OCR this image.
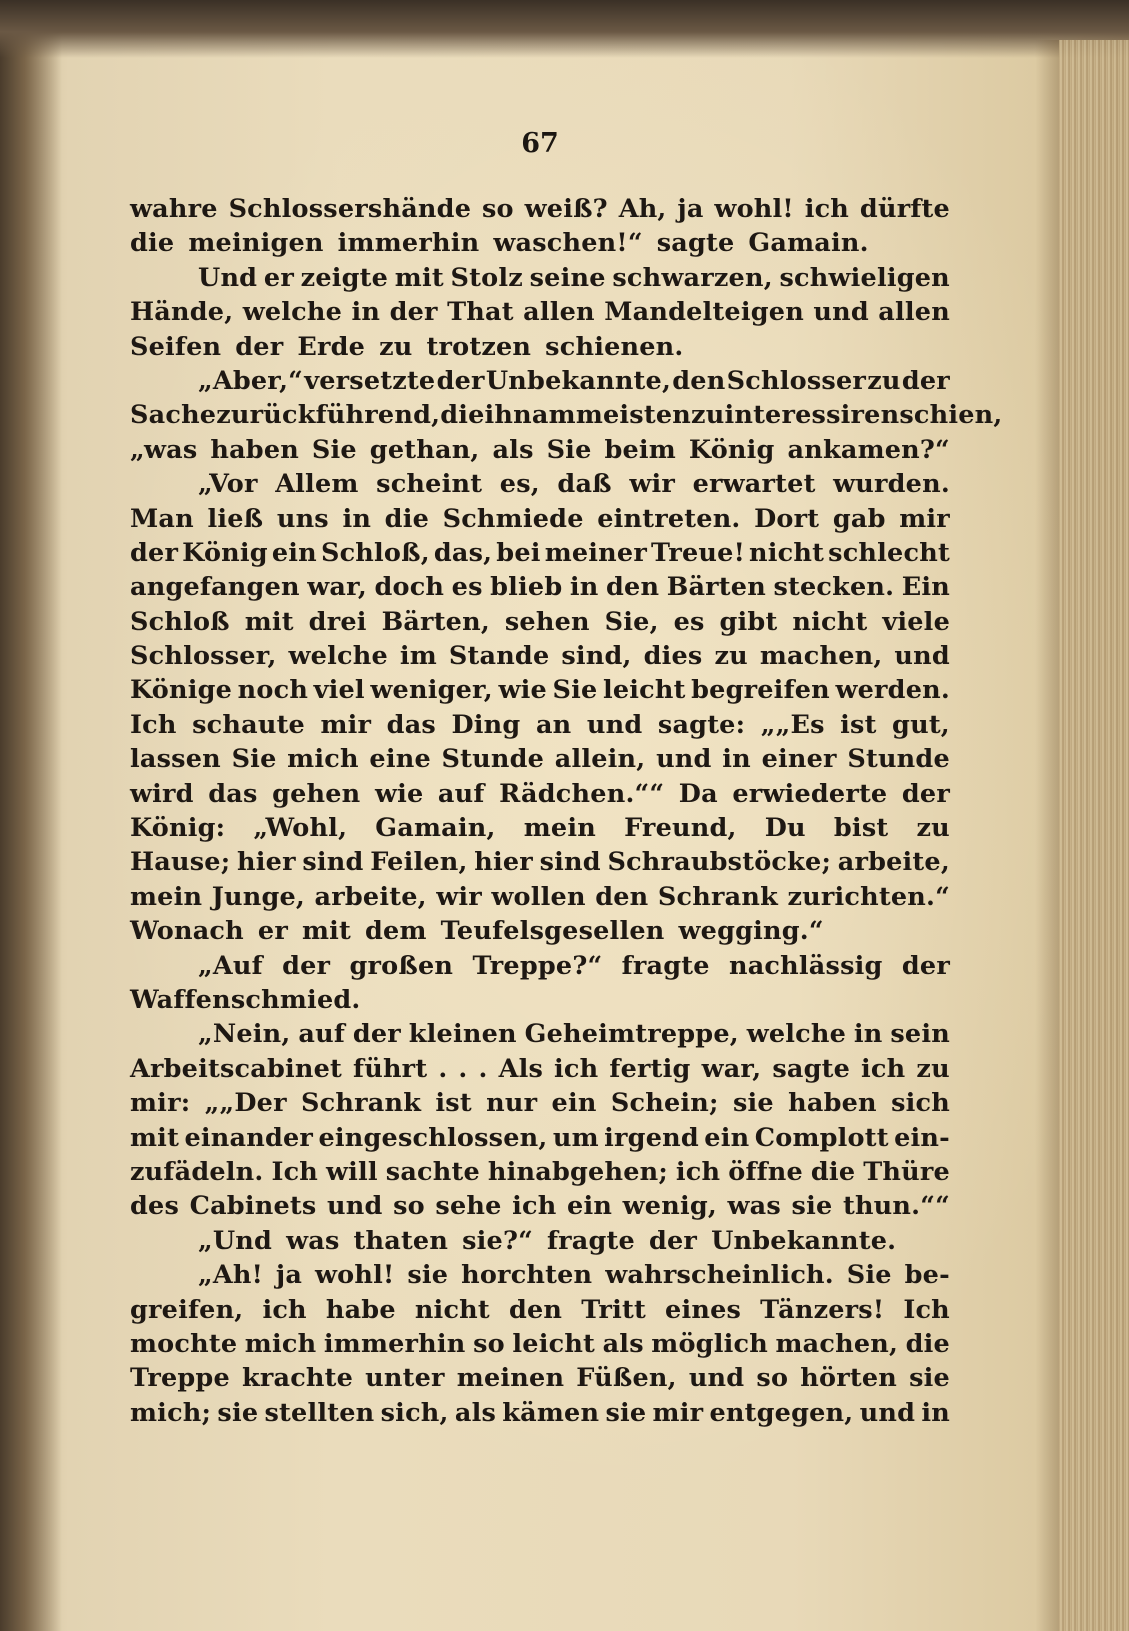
67
wahre Schlossershände so weiß? Ah, ja wohl! ich dürfte
die meinigen immerhin waschen!“ sagte Gamain.
Und er zeigte mit Stolz seine schwarzen, schwieligen
Hände, welche in der That allen Mandelteigen und allen
Seifen der Erde zu trotzen schienen.
„Aber,“ versetzte der Unbekannte, den Schlosser zu der
Sache zurückführend, die ihn am meisten zu interessiren schien,
„was haben Sie gethan, als Sie beim König ankamen?“
„Vor Allem scheint es, daß wir erwartet wurden.
Man ließ uns in die Schmiede eintreten. Dort gab mir
der König ein Schloß, das, bei meiner Treue! nicht schlecht
angefangen war, doch es blieb in den Bärten stecken. Ein
Schloß mit drei Bärten, sehen Sie, es gibt nicht viele
Schlosser, welche im Stande sind, dies zu machen, und
Könige noch viel weniger, wie Sie leicht begreifen werden.
Ich schaute mir das Ding an und sagte: „„Es ist gut,
lassen Sie mich eine Stunde allein, und in einer Stunde
wird das gehen wie auf Rädchen.““ Da erwiederte der
König: „Wohl, Gamain, mein Freund, Du bist zu
Hause; hier sind Feilen, hier sind Schraubstöcke; arbeite,
mein Junge, arbeite, wir wollen den Schrank zurichten.“
Wonach er mit dem Teufelsgesellen wegging.“
„Auf der großen Treppe?“ fragte nachlässig der
Waffenschmied.
„Nein, auf der kleinen Geheimtreppe, welche in sein
Arbeitscabinet führt . . . Als ich fertig war, sagte ich zu
mir: „„Der Schrank ist nur ein Schein; sie haben sich
mit einander eingeschlossen, um irgend ein Complott ein-
zufädeln. Ich will sachte hinabgehen; ich öffne die Thüre
des Cabinets und so sehe ich ein wenig, was sie thun.““
„Und was thaten sie?“ fragte der Unbekannte.
„Ah! ja wohl! sie horchten wahrscheinlich. Sie be-
greifen, ich habe nicht den Tritt eines Tänzers! Ich
mochte mich immerhin so leicht als möglich machen, die
Treppe krachte unter meinen Füßen, und so hörten sie
mich; sie stellten sich, als kämen sie mir entgegen, und in
